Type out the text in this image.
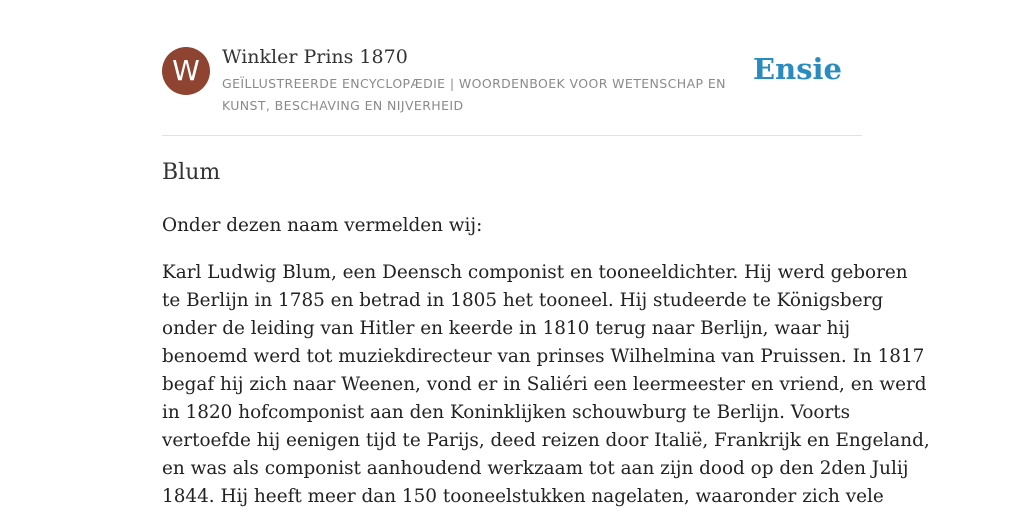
W	Winkler Prins 1870
GEÏLLUSTREERDE ENCYCLOPÆDIE | WOORDENBOEK VOOR WETENSCHAP EN KUNST, BESCHAVING EN NIJVERHEID
Ensie
Blum

Onder dezen naam vermelden wij:

Karl Ludwig Blum, een Deensch componist en tooneeldichter. Hij werd geboren
te Berlijn in 1785 en betrad in 1805 het tooneel. Hij studeerde te Königsberg
onder de leiding van Hitler en keerde in 1810 terug naar Berlijn, waar hij
benoemd werd tot muziekdirecteur van prinses Wilhelmina van Pruissen. In 1817
begaf hij zich naar Weenen, vond er in Saliéri een leermeester en vriend, en werd
in 1820 hofcomponist aan den Koninklijken schouwburg te Berlijn. Voorts
vertoefde hij eenigen tijd te Parijs, deed reizen door Italië, Frankrijk en Engeland,
en was als componist aanhoudend werkzaam tot aan zijn dood op den 2den Julij
1844. Hij heeft meer dan 150 tooneelstukken nagelaten, waaronder zich vele
